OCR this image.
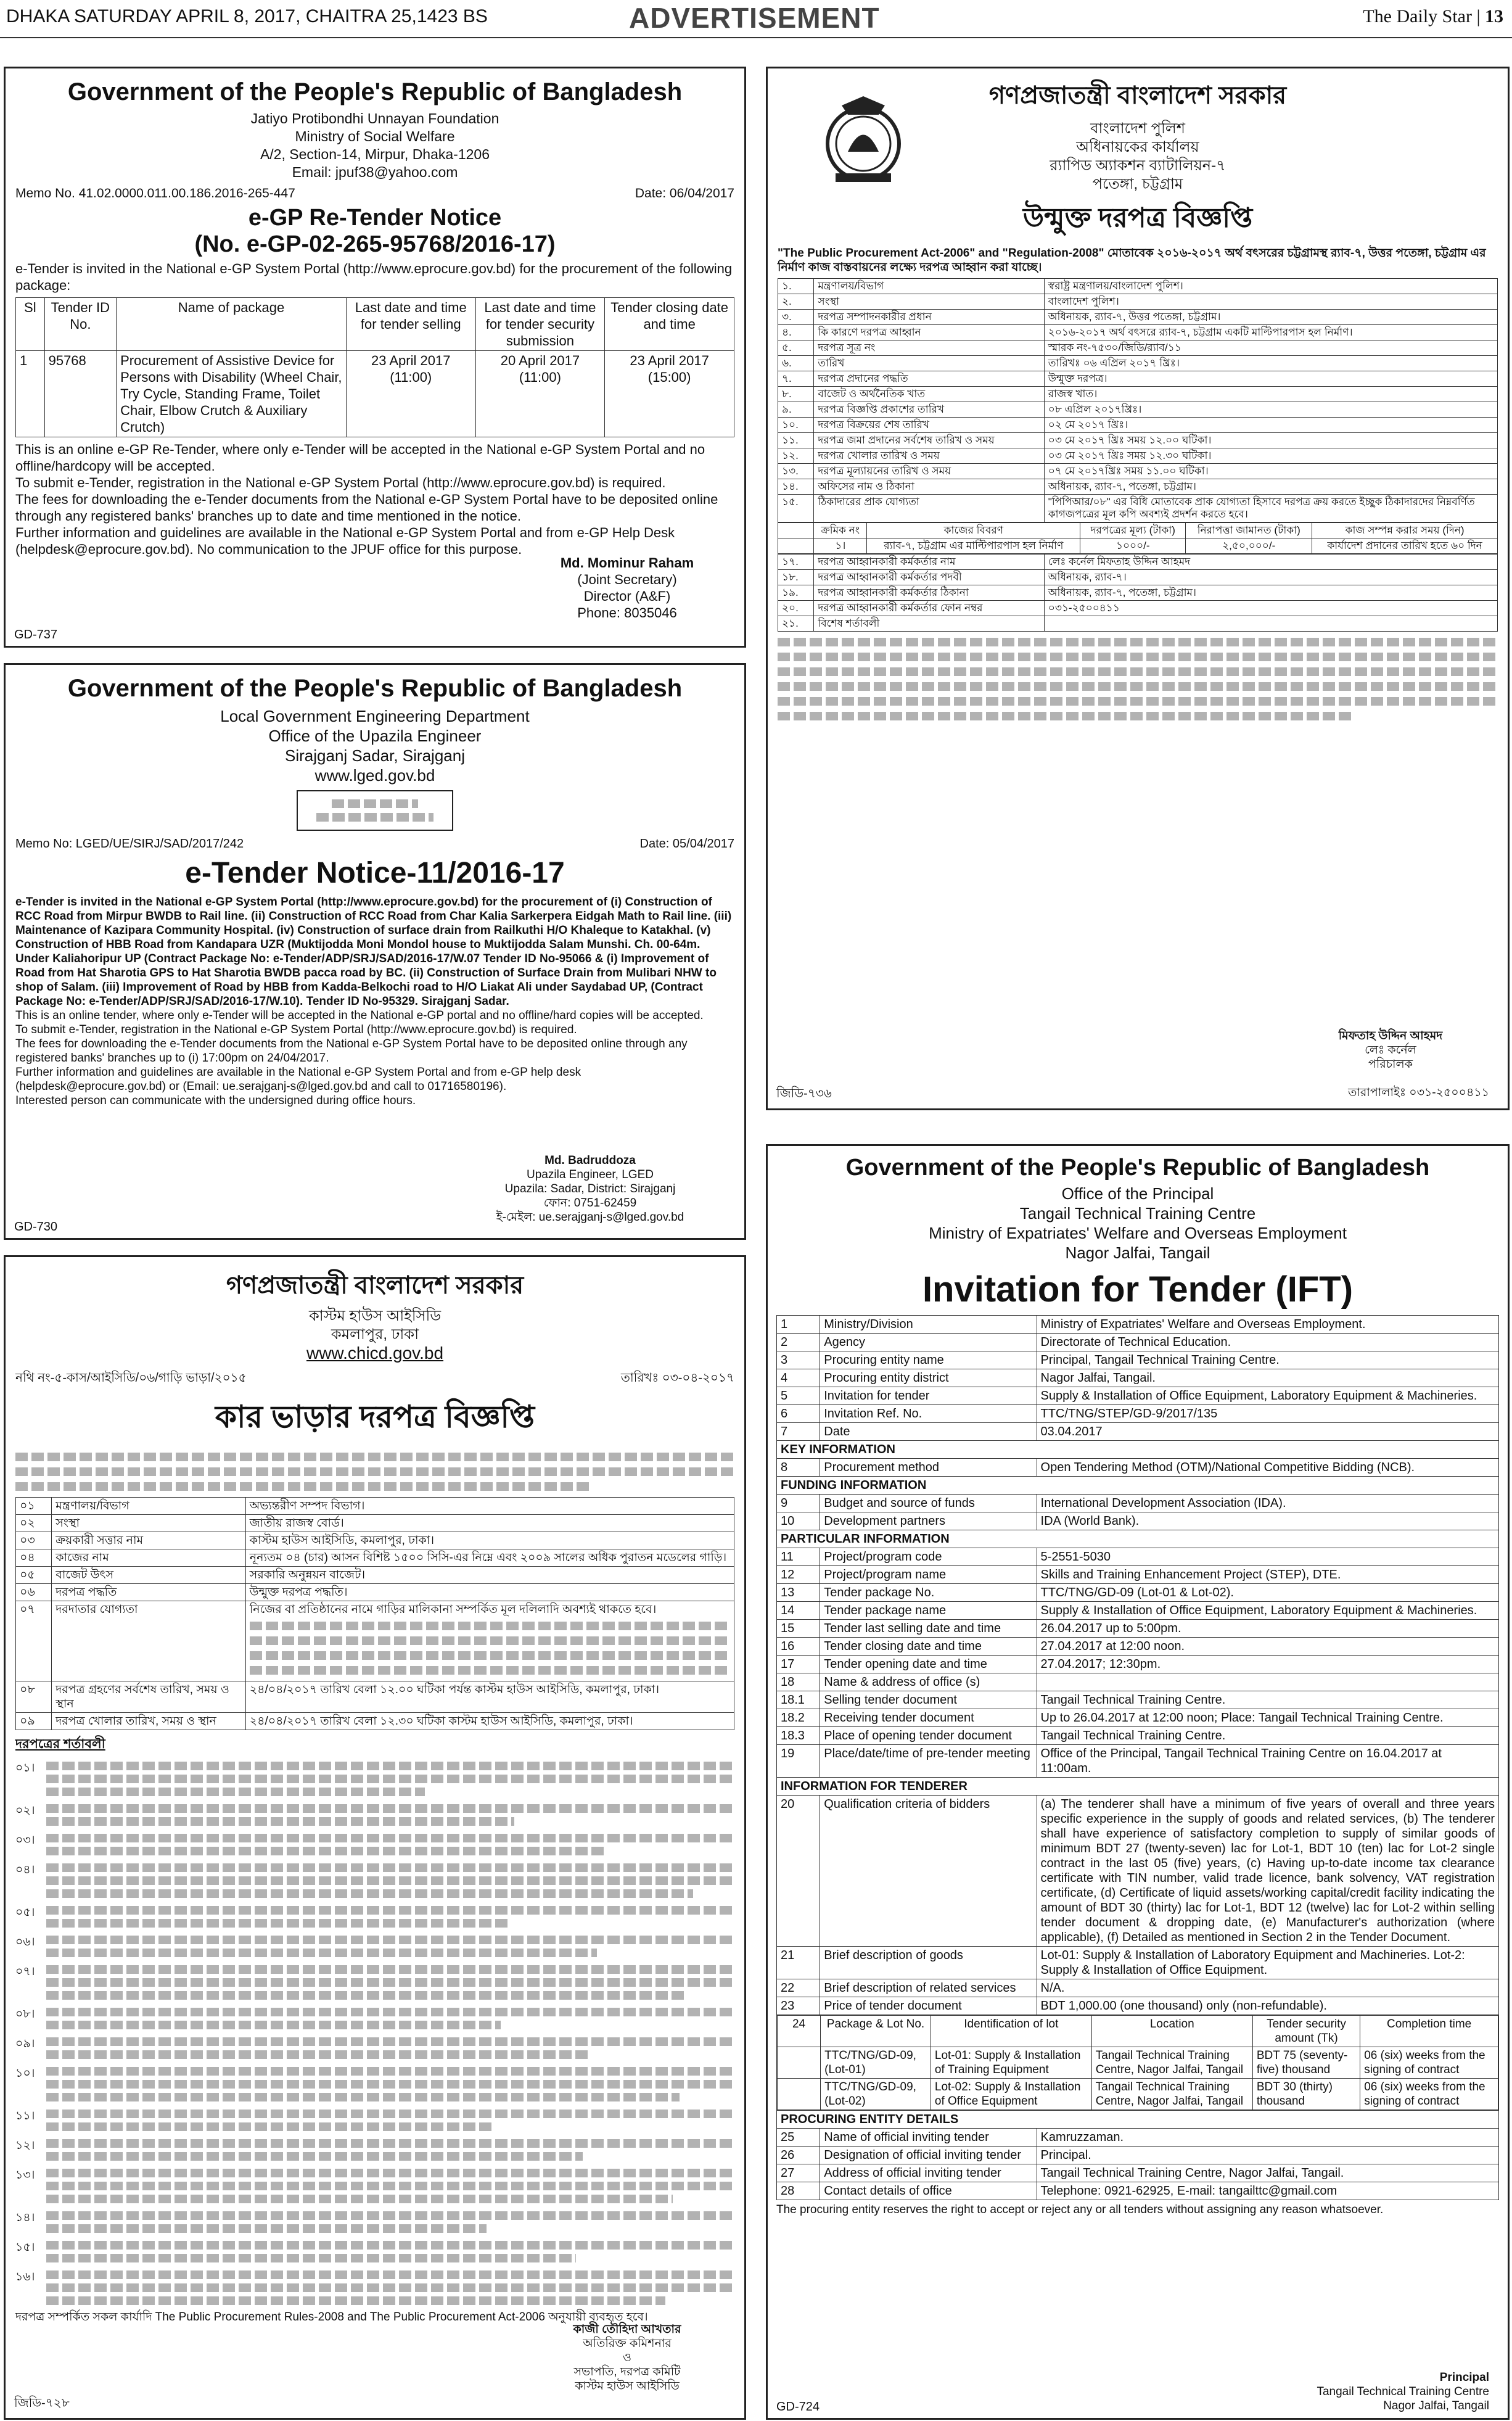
DHAKA SATURDAY APRIL 8, 2017, CHAITRA 25,1423 BS	ADVERTISEMENT	The Daily Star | 13
Government of the People's Republic of Bangladesh
Jatiyo Protibondhi Unnayan Foundation
Ministry of Social Welfare
A/2, Section-14, Mirpur, Dhaka-1206
Email: jpuf38@yahoo.com
Memo No. 41.02.0000.011.00.186.2016-265-447	Date: 06/04/2017
e-GP Re-Tender Notice
(No. e-GP-02-265-95768/2016-17)
e-Tender is invited in the National e-GP System Portal (http://www.eprocure.gov.bd) for the procurement of the following package:
Sl	Tender ID No.	Name of package	Last date and time for tender selling	Last date and time for tender security submission	Tender closing date and time
1	95768	Procurement of Assistive Device for Persons with Disability (Wheel Chair, Try Cycle, Standing Frame, Toilet Chair, Elbow Crutch & Auxiliary Crutch)	23 April 2017 (11:00)	20 April 2017 (11:00)	23 April 2017 (15:00)
This is an online e-GP Re-Tender, where only e-Tender will be accepted in the National e-GP System Portal and no offline/hardcopy will be accepted.
To submit e-Tender, registration in the National e-GP System Portal (http://www.eprocure.gov.bd) is required.
The fees for downloading the e-Tender documents from the National e-GP System Portal have to be deposited online through any registered banks' branches up to date and time mentioned in the notice.
Further information and guidelines are available in the National e-GP System Portal and from e-GP Help Desk (helpdesk@eprocure.gov.bd). No communication to the JPUF office for this purpose.
Md. Mominur Raham
(Joint Secretary)
Director (A&F)
Phone: 8035046
GD-737
Government of the People's Republic of Bangladesh
Local Government Engineering Department
Office of the Upazila Engineer
Sirajganj Sadar, Sirajganj
www.lged.gov.bd
Memo No: LGED/UE/SIRJ/SAD/2017/242	Date: 05/04/2017
e-Tender Notice-11/2016-17
e-Tender is invited in the National e-GP System Portal (http://www.eprocure.gov.bd) for the procurement of (i) Construction of RCC Road from Mirpur BWDB to Rail line. (ii) Construction of RCC Road from Char Kalia Sarkerpera Eidgah Math to Rail line. (iii) Maintenance of Kazipara Community Hospital. (iv) Construction of surface drain from Railkuthi H/O Khaleque to Katakhal. (v) Construction of HBB Road from Kandapara UZR (Muktijodda Moni Mondol house to Muktijodda Salam Munshi. Ch. 00-64m. Under Kaliahoripur UP (Contract Package No: e-Tender/ADP/SRJ/SAD/2016-17/W.07 Tender ID No-95066 & (i) Improvement of Road from Hat Sharotia GPS to Hat Sharotia BWDB pacca road by BC. (ii) Construction of Surface Drain from Mulibari NHW to shop of Salam. (iii) Improvement of Road by HBB from Kadda-Belkochi road to H/O Liakat Ali under Saydabad UP, (Contract Package No: e-Tender/ADP/SRJ/SAD/2016-17/W.10). Tender ID No-95329. Sirajganj Sadar.
This is an online tender, where only e-Tender will be accepted in the National e-GP portal and no offline/hard copies will be accepted.
To submit e-Tender, registration in the National e-GP System Portal (http://www.eprocure.gov.bd) is required.
The fees for downloading the e-Tender documents from the National e-GP System Portal have to be deposited online through any registered banks' branches up to (i) 17:00pm on 24/04/2017.
Further information and guidelines are available in the National e-GP System Portal and from e-GP help desk (helpdesk@eprocure.gov.bd) or (Email: ue.serajganj-s@lged.gov.bd and call to 01716580196).
Interested person can communicate with the undersigned during office hours.
Md. Badruddoza
Upazila Engineer, LGED
Upazila: Sadar, District: Sirajganj
ফোন: 0751-62459
ই-মেইল: ue.serajganj-s@lged.gov.bd
GD-730
গণপ্রজাতন্ত্রী বাংলাদেশ সরকার
কাস্টম হাউস আইসিডি
কমলাপুর, ঢাকা
www.chicd.gov.bd
নথি নং-৫-কাস/আইসিডি/০৬/গাড়ি ভাড়া/২০১৫	তারিখঃ ০৩-০৪-২০১৭
কার ভাড়ার দরপত্র বিজ্ঞপ্তি
০১	মন্ত্রণালয়/বিভাগ	অভ্যন্তরীণ সম্পদ বিভাগ।
০২	সংস্থা	জাতীয় রাজস্ব বোর্ড।
০৩	ক্রয়কারী সত্তার নাম	কাস্টম হাউস আইসিডি, কমলাপুর, ঢাকা।
০৪	কাজের নাম	নূন্যতম ০৪ (চার) আসন বিশিষ্ট ১৫০০ সিসি-এর নিম্নে এবং ২০০৯ সালের অধিক পুরাতন মডেলের গাড়ি।
০৫	বাজেট উৎস	সরকারি অনুন্নয়ন বাজেট।
০৬	দরপত্র পদ্ধতি	উন্মুক্ত দরপত্র পদ্ধতি।
০৭	দরদাতার যোগ্যতা	নিজের বা প্রতিষ্ঠানের নামে গাড়ির মালিকানা সম্পর্কিত মূল দলিলাদি অবশ্যই থাকতে হবে।

০৮	দরপত্র গ্রহণের সর্বশেষ তারিখ, সময় ও স্থান	২৪/০৪/২০১৭ তারিখ বেলা ১২.০০ ঘটিকা পর্যন্ত কাস্টম হাউস আইসিডি, কমলাপুর, ঢাকা।
০৯	দরপত্র খোলার তারিখ, সময় ও স্থান	২৪/০৪/২০১৭ তারিখ বেলা ১২.৩০ ঘটিকা কাস্টম হাউস আইসিডি, কমলাপুর, ঢাকা।
দরপত্রের শর্তাবলী
০১।
০২।
০৩।
০৪।
০৫।
০৬।
০৭।
০৮।
০৯।
১০।
১১।
১২।
১৩।
১৪।
১৫।
১৬।
দরপত্র সম্পর্কিত সকল কার্যাদি The Public Procurement Rules-2008 and The Public Procurement Act-2006 অনুযায়ী ব্যবহৃত হবে।
কাজী তৌহিদা আখতার
অতিরিক্ত কমিশনার
ও
সভাপতি, দরপত্র কমিটি
কাস্টম হাউস আইসিডি
জিডি-৭২৮
গণপ্রজাতন্ত্রী বাংলাদেশ সরকার
বাংলাদেশ পুলিশ
অধিনায়কের কার্যালয়
র‍্যাপিড অ্যাকশন ব্যাটালিয়ন-৭
পতেঙ্গা, চট্টগ্রাম
উন্মুক্ত দরপত্র বিজ্ঞপ্তি
"The Public Procurement Act-2006" and "Regulation-2008" মোতাবেক ২০১৬-২০১৭ অর্থ বৎসরের চট্টগ্রামস্থ র‍্যাব-৭, উত্তর পতেঙ্গা, চট্টগ্রাম এর নির্মাণ কাজ বাস্তবায়নের লক্ষ্যে দরপত্র আহ্বান করা যাচ্ছে।
১.	মন্ত্রণালয়/বিভাগ	স্বরাষ্ট্র মন্ত্রণালয়/বাংলাদেশ পুলিশ।
২.	সংস্থা	বাংলাদেশ পুলিশ।
৩.	দরপত্র সম্পাদনকারীর প্রধান	অধিনায়ক, র‍্যাব-৭, উত্তর পতেঙ্গা, চট্টগ্রাম।
৪.	কি কারণে দরপত্র আহ্বান	২০১৬-২০১৭ অর্থ বৎসরে র‍্যাব-৭, চট্টগ্রাম একটি মাল্টিপারপাস হল নির্মাণ।
৫.	দরপত্র সূত্র নং	স্মারক নং-৭৫৩০/জিডি/র‍্যাব/১১
৬.	তারিখ	তারিখঃ ০৬ এপ্রিল ২০১৭ খ্রিঃ।
৭.	দরপত্র প্রদানের পদ্ধতি	উন্মুক্ত দরপত্র।
৮.	বাজেট ও অর্থনৈতিক খাত	রাজস্ব খাত।
৯.	দরপত্র বিজ্ঞপ্তি প্রকাশের তারিখ	০৮ এপ্রিল ২০১৭খ্রিঃ।
১০.	দরপত্র বিক্রয়ের শেষ তারিখ	০২ মে ২০১৭ খ্রিঃ।
১১.	দরপত্র জমা প্রদানের সর্বশেষ তারিখ ও সময়	০৩ মে ২০১৭ খ্রিঃ সময় ১২.০০ ঘটিকা।
১২.	দরপত্র খোলার তারিখ ও সময়	০৩ মে ২০১৭ খ্রিঃ সময় ১২.৩০ ঘটিকা।
১৩.	দরপত্র মূল্যায়নের তারিখ ও সময়	০৭ মে ২০১৭খ্রিঃ সময় ১১.০০ ঘটিকা।
১৪.	অফিসের নাম ও ঠিকানা	অধিনায়ক, র‍্যাব-৭, পতেঙ্গা, চট্টগ্রাম।
১৫.	ঠিকাদারের প্রাক যোগ্যতা	"পিপিআর/০৮" এর বিধি মোতাবেক প্রাক যোগ্যতা হিসাবে দরপত্র ক্রয় করতে ইচ্ছুক ঠিকাদারদের নিম্নবর্ণিত কাগজপত্রের মূল কপি অবশ্যই প্রদর্শন করতে হবে।
	ক্রমিক নং	কাজের বিবরণ	দরপত্রের মূল্য (টাকা)	নিরাপত্তা জামানত (টাকা)	কাজ সম্পন্ন করার সময় (দিন)
	১।	র‍্যাব-৭, চট্টগ্রাম এর মাল্টিপারপাস হল নির্মাণ	১০০০/-	২,৫০,০০০/-	কার্যাদেশ প্রদানের তারিখ হতে ৬০ দিন
১৭.	দরপত্র আহ্বানকারী কর্মকর্তার নাম	লেঃ কর্নেল মিফতাহ উদ্দিন আহমদ
১৮.	দরপত্র আহ্বানকারী কর্মকর্তার পদবী	অধিনায়ক, র‍্যাব-৭।
১৯.	দরপত্র আহ্বানকারী কর্মকর্তার ঠিকানা	অধিনায়ক, র‍্যাব-৭, পতেঙ্গা, চট্টগ্রাম।
২০.	দরপত্র আহ্বানকারী কর্মকর্তার ফোন নম্বর	০৩১-২৫০০৪১১
২১.	বিশেষ শর্তাবলী	
মিফতাহ উদ্দিন আহমদ
লেঃ কর্নেল
পরিচালক
তারাপালাইঃ ০৩১-২৫০০৪১১
জিডি-৭৩৬
Government of the People's Republic of Bangladesh
Office of the Principal
Tangail Technical Training Centre
Ministry of Expatriates' Welfare and Overseas Employment
Nagor Jalfai, Tangail
Invitation for Tender (IFT)
1	Ministry/Division	Ministry of Expatriates' Welfare and Overseas Employment.
2	Agency	Directorate of Technical Education.
3	Procuring entity name	Principal, Tangail Technical Training Centre.
4	Procuring entity district	Nagor Jalfai, Tangail.
5	Invitation for tender	Supply & Installation of Office Equipment, Laboratory Equipment & Machineries.
6	Invitation Ref. No.	TTC/TNG/STEP/GD-9/2017/135
7	Date	03.04.2017
KEY INFORMATION
8	Procurement method	Open Tendering Method (OTM)/National Competitive Bidding (NCB).
FUNDING INFORMATION
9	Budget and source of funds	International Development Association (IDA).
10	Development partners	IDA (World Bank).
PARTICULAR INFORMATION
11	Project/program code	5-2551-5030
12	Project/program name	Skills and Training Enhancement Project (STEP), DTE.
13	Tender package No.	TTC/TNG/GD-09 (Lot-01 & Lot-02).
14	Tender package name	Supply & Installation of Office Equipment, Laboratory Equipment & Machineries.
15	Tender last selling date and time	26.04.2017 up to 5:00pm.
16	Tender closing date and time	27.04.2017 at 12:00 noon.
17	Tender opening date and time	27.04.2017; 12:30pm.
18	Name & address of office (s)	
18.1	Selling tender document	Tangail Technical Training Centre.
18.2	Receiving tender document	Up to 26.04.2017 at 12:00 noon; Place: Tangail Technical Training Centre.
18.3	Place of opening tender document	Tangail Technical Training Centre.
19	Place/date/time of pre-tender meeting	Office of the Principal, Tangail Technical Training Centre on 16.04.2017 at 11:00am.
INFORMATION FOR TENDERER
20	Qualification criteria of bidders	(a) The tenderer shall have a minimum of five years of overall and three years specific experience in the supply of goods and related services, (b) The tenderer shall have experience of satisfactory completion to supply of similar goods of minimum BDT 27 (twenty-seven) lac for Lot-1, BDT 10 (ten) lac for Lot-2 single contract in the last 05 (five) years, (c) Having up-to-date income tax clearance certificate with TIN number, valid trade licence, bank solvency, VAT registration certificate, (d) Certificate of liquid assets/working capital/credit facility indicating the amount of BDT 30 (thirty) lac for Lot-1, BDT 12 (twelve) lac for Lot-2 within selling tender document & dropping date, (e) Manufacturer's authorization (where applicable), (f) Detailed as mentioned in Section 2 in the Tender Document.
21	Brief description of goods	Lot-01: Supply & Installation of Laboratory Equipment and Machineries. Lot-2: Supply & Installation of Office Equipment.
22	Brief description of related services	N/A.
23	Price of tender document	BDT 1,000.00 (one thousand) only (non-refundable).

24	Package & Lot No.	Identification of lot	Location	Tender security amount (Tk)	Completion time
	TTC/TNG/GD-09, (Lot-01)	Lot-01: Supply & Installation of Training Equipment	Tangail Technical Training Centre, Nagor Jalfai, Tangail	BDT 75 (seventy-five) thousand	06 (six) weeks from the signing of contract
	TTC/TNG/GD-09, (Lot-02)	Lot-02: Supply & Installation of Office Equipment	Tangail Technical Training Centre, Nagor Jalfai, Tangail	BDT 30 (thirty) thousand	06 (six) weeks from the signing of contract

PROCURING ENTITY DETAILS
25	Name of official inviting tender	Kamruzzaman.
26	Designation of official inviting tender	Principal.
27	Address of official inviting tender	Tangail Technical Training Centre, Nagor Jalfai, Tangail.
28	Contact details of office	Telephone: 0921-62925, E-mail: tangailttc@gmail.com
The procuring entity reserves the right to accept or reject any or all tenders without assigning any reason whatsoever.
Principal
Tangail Technical Training Centre
Nagor Jalfai, Tangail
GD-724
